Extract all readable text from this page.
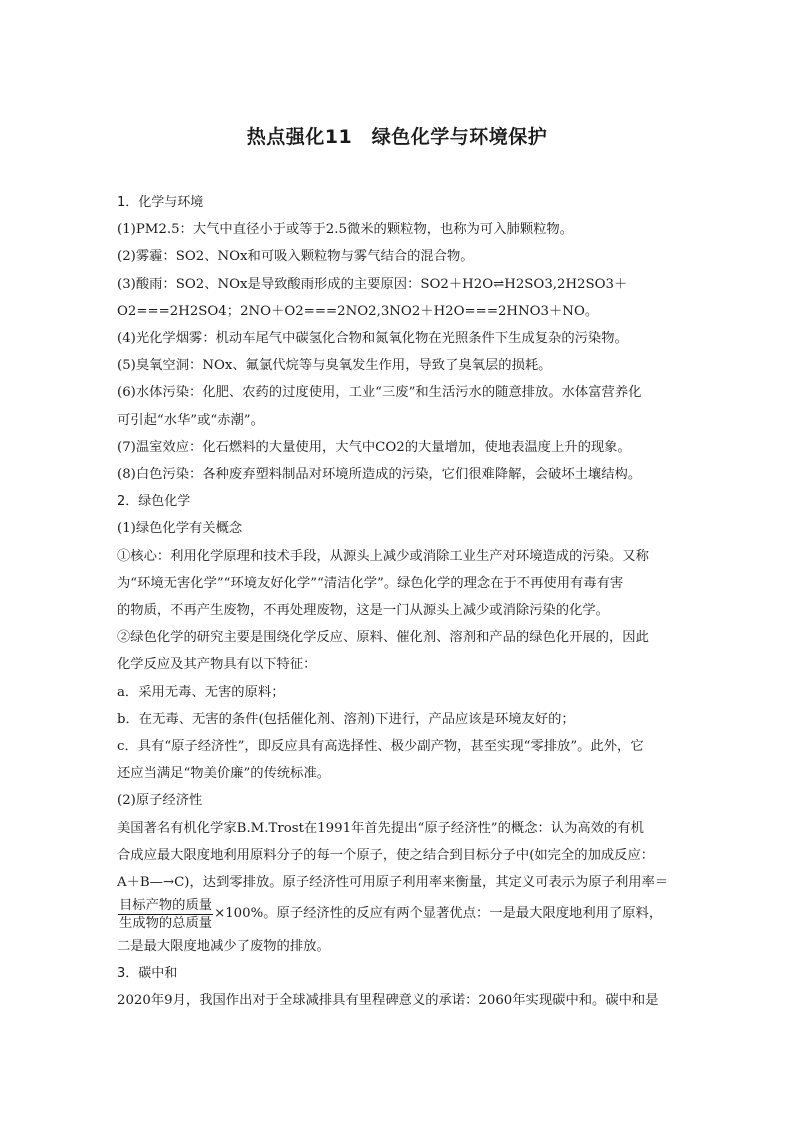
热点强化11　绿色化学与环境保护

1．化学与环境

(1)PM2.5：大气中直径小于或等于2.5微米的颗粒物，也称为可入肺颗粒物。

(2)雾霾：SO2、NOx和可吸入颗粒物与雾气结合的混合物。

(3)酸雨：SO2、NOx是导致酸雨形成的主要原因：SO2＋H2O⇌H2SO3,2H2SO3＋

O2===2H2SO4；2NO＋O2===2NO2,3NO2＋H2O===2HNO3＋NO。

(4)光化学烟雾：机动车尾气中碳氢化合物和氮氧化物在光照条件下生成复杂的污染物。

(5)臭氧空洞：NOx、氟氯代烷等与臭氧发生作用，导致了臭氧层的损耗。

(6)水体污染：化肥、农药的过度使用，工业“三废”和生活污水的随意排放。水体富营养化

可引起“水华”或“赤潮”。

(7)温室效应：化石燃料的大量使用，大气中CO2的大量增加，使地表温度上升的现象。

(8)白色污染：各种废弃塑料制品对环境所造成的污染，它们很难降解，会破坏土壤结构。

2．绿色化学

(1)绿色化学有关概念

①核心：利用化学原理和技术手段，从源头上减少或消除工业生产对环境造成的污染。又称

为“环境无害化学”“环境友好化学”“清洁化学”。绿色化学的理念在于不再使用有毒有害

的物质，不再产生废物，不再处理废物，这是一门从源头上减少或消除污染的化学。

②绿色化学的研究主要是围绕化学反应、原料、催化剂、溶剂和产品的绿色化开展的，因此

化学反应及其产物具有以下特征：

a．采用无毒、无害的原料；

b．在无毒、无害的条件(包括催化剂、溶剂)下进行，产品应该是环境友好的；

c．具有“原子经济性”，即反应具有高选择性、极少副产物，甚至实现“零排放”。此外，它

还应当满足“物美价廉”的传统标准。

(2)原子经济性

美国著名有机化学家B.M.Trost在1991年首先提出“原子经济性”的概念：认为高效的有机

合成应最大限度地利用原料分子的每一个原子，使之结合到目标分子中(如完全的加成反应：

A＋B—→C)，达到零排放。原子经济性可用原子利用率来衡量，其定义可表示为原子利用率＝

$\frac{\text{目标产物的质量}}{\text{生成物的总质量}} \times 100\%$。原子经济性的反应有两个显著优点：一是最大限度地利用了原料，

二是最大限度地减少了废物的排放。

3．碳中和

2020年9月，我国作出对于全球减排具有里程碑意义的承诺：2060年实现碳中和。碳中和是
